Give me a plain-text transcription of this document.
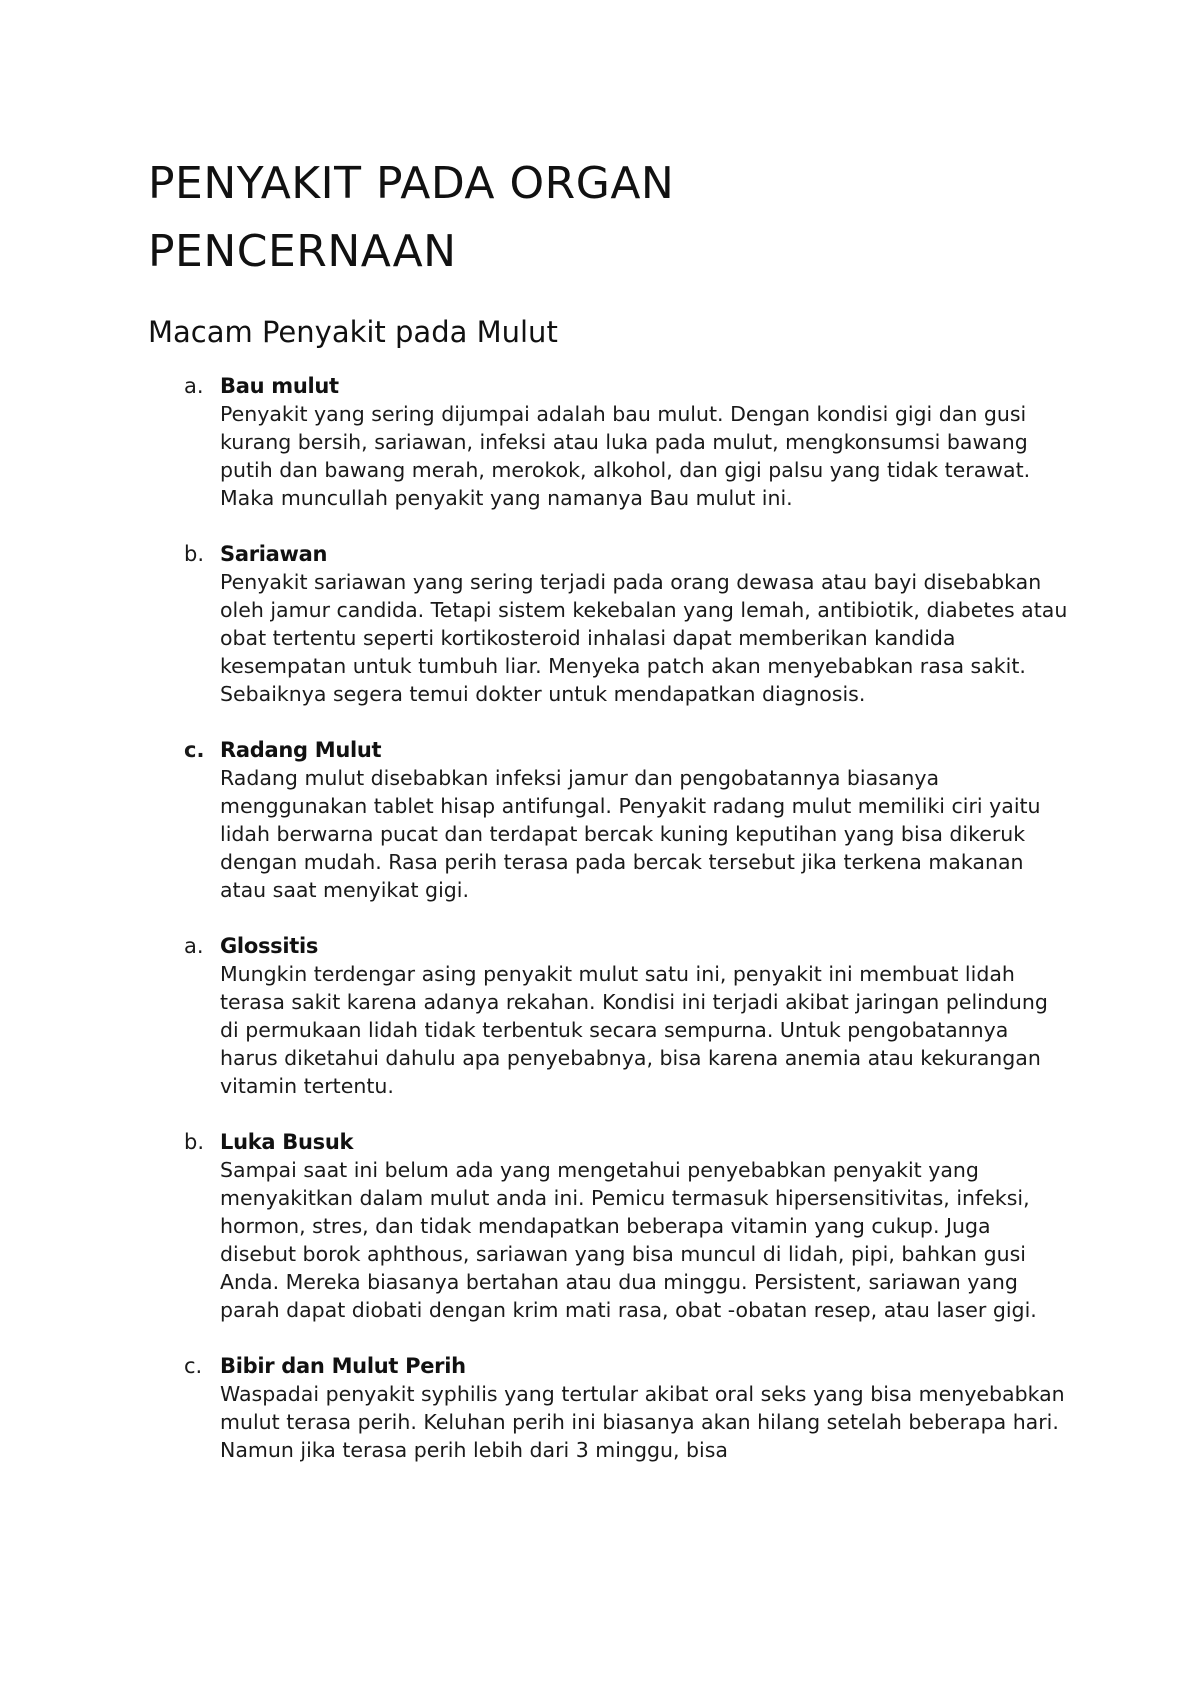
PENYAKIT PADA ORGAN
PENCERNAAN
Macam Penyakit pada Mulut
a. Bau mulut

Penyakit yang sering dijumpai adalah bau mulut. Dengan kondisi gigi dan gusi kurang bersih, sariawan, infeksi atau luka pada mulut, mengkonsumsi bawang putih dan bawang merah, merokok, alkohol, dan gigi palsu yang tidak terawat. Maka muncullah penyakit yang namanya Bau mulut ini.

b. Sariawan

Penyakit sariawan yang sering terjadi pada orang dewasa atau bayi disebabkan oleh jamur candida. Tetapi sistem kekebalan yang lemah, antibiotik, diabetes atau obat tertentu seperti kortikosteroid inhalasi dapat memberikan kandida kesempatan untuk tumbuh liar. Menyeka patch akan menyebabkan rasa sakit. Sebaiknya segera temui dokter untuk mendapatkan diagnosis.

c. Radang Mulut

Radang mulut disebabkan infeksi jamur dan pengobatannya biasanya menggunakan tablet hisap antifungal. Penyakit radang mulut memiliki ciri yaitu lidah berwarna pucat dan terdapat bercak kuning keputihan yang bisa dikeruk dengan mudah. Rasa perih terasa pada bercak tersebut jika terkena makanan atau saat menyikat gigi.

a. Glossitis

Mungkin terdengar asing penyakit mulut satu ini, penyakit ini membuat lidah terasa sakit karena adanya rekahan. Kondisi ini terjadi akibat jaringan pelindung di permukaan lidah tidak terbentuk secara sempurna. Untuk pengobatannya harus diketahui dahulu apa penyebabnya, bisa karena anemia atau kekurangan vitamin tertentu.

b. Luka Busuk

Sampai saat ini belum ada yang mengetahui penyebabkan penyakit yang menyakitkan dalam mulut anda ini. Pemicu termasuk hipersensitivitas, infeksi, hormon, stres, dan tidak mendapatkan beberapa vitamin yang cukup. Juga disebut borok aphthous, sariawan yang bisa muncul di lidah, pipi, bahkan gusi Anda. Mereka biasanya bertahan atau dua minggu. Persistent, sariawan yang parah dapat diobati dengan krim mati rasa, obat -obatan resep, atau laser gigi.

c. Bibir dan Mulut Perih

Waspadai penyakit syphilis yang tertular akibat oral seks yang bisa menyebabkan mulut terasa perih. Keluhan perih ini biasanya akan hilang setelah beberapa hari. Namun jika terasa perih lebih dari 3 minggu, bisa
